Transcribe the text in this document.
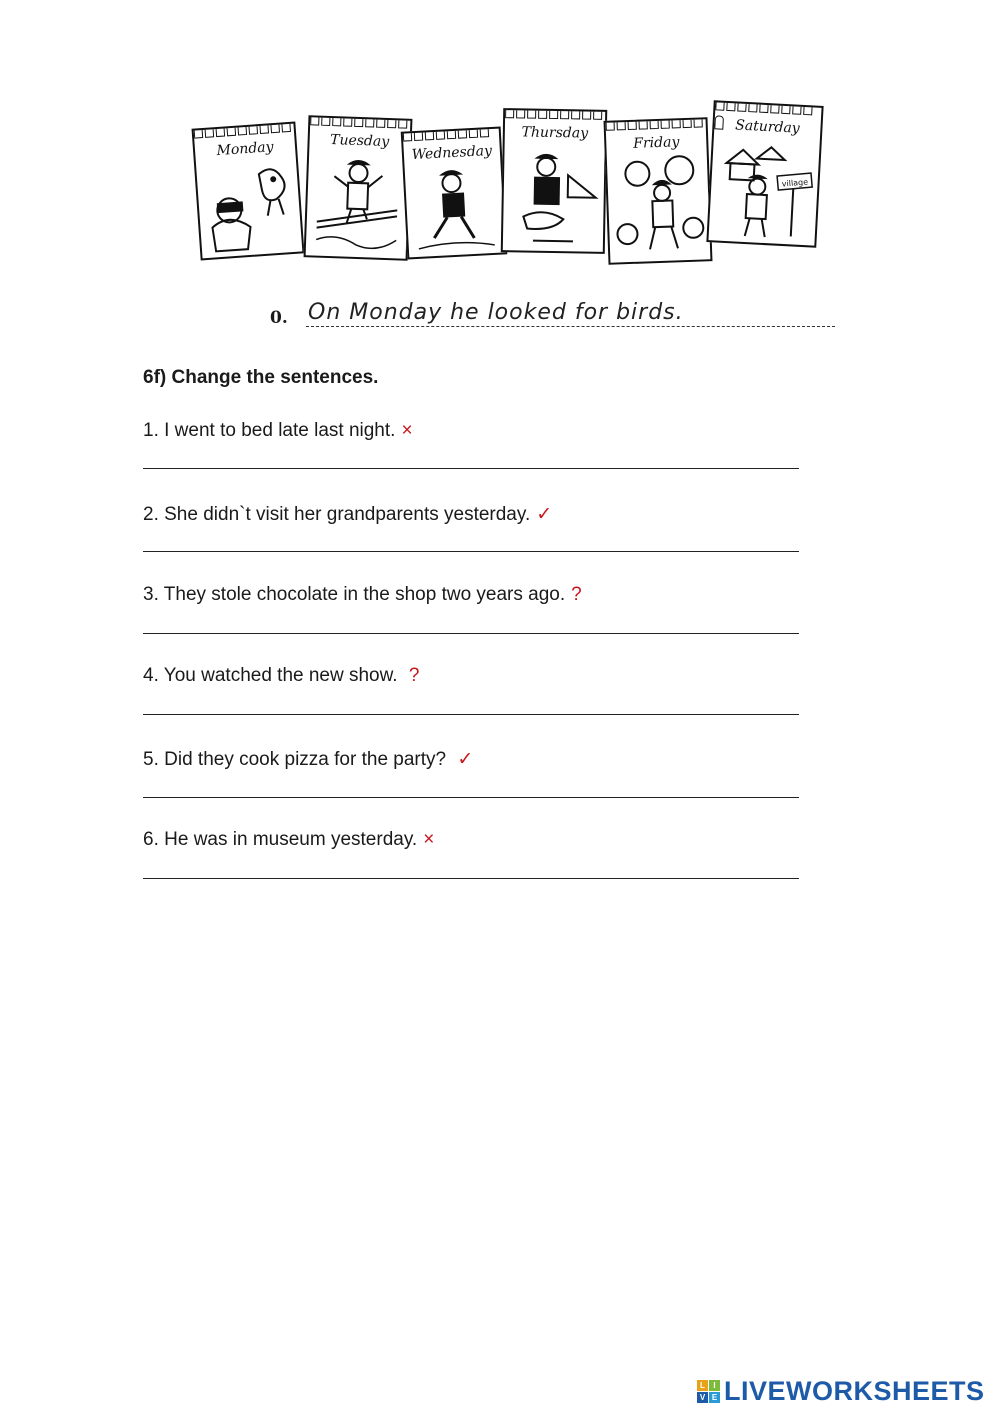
Monday	Tuesday
Wednesday
Thursday
Friday
Saturday
village
0. On Monday he looked for birds.
6f) Change the sentences.
1. I went to bed late last night. ×
2. She didn`t visit her grandparents yesterday. ✓
3. They stole chocolate in the shop two years ago. ?
4. You watched the new show. ?
5. Did they cook pizza for the party? ✓
6. He was in museum yesterday. ×
L	I
V E LIVEWORKSHEETS
